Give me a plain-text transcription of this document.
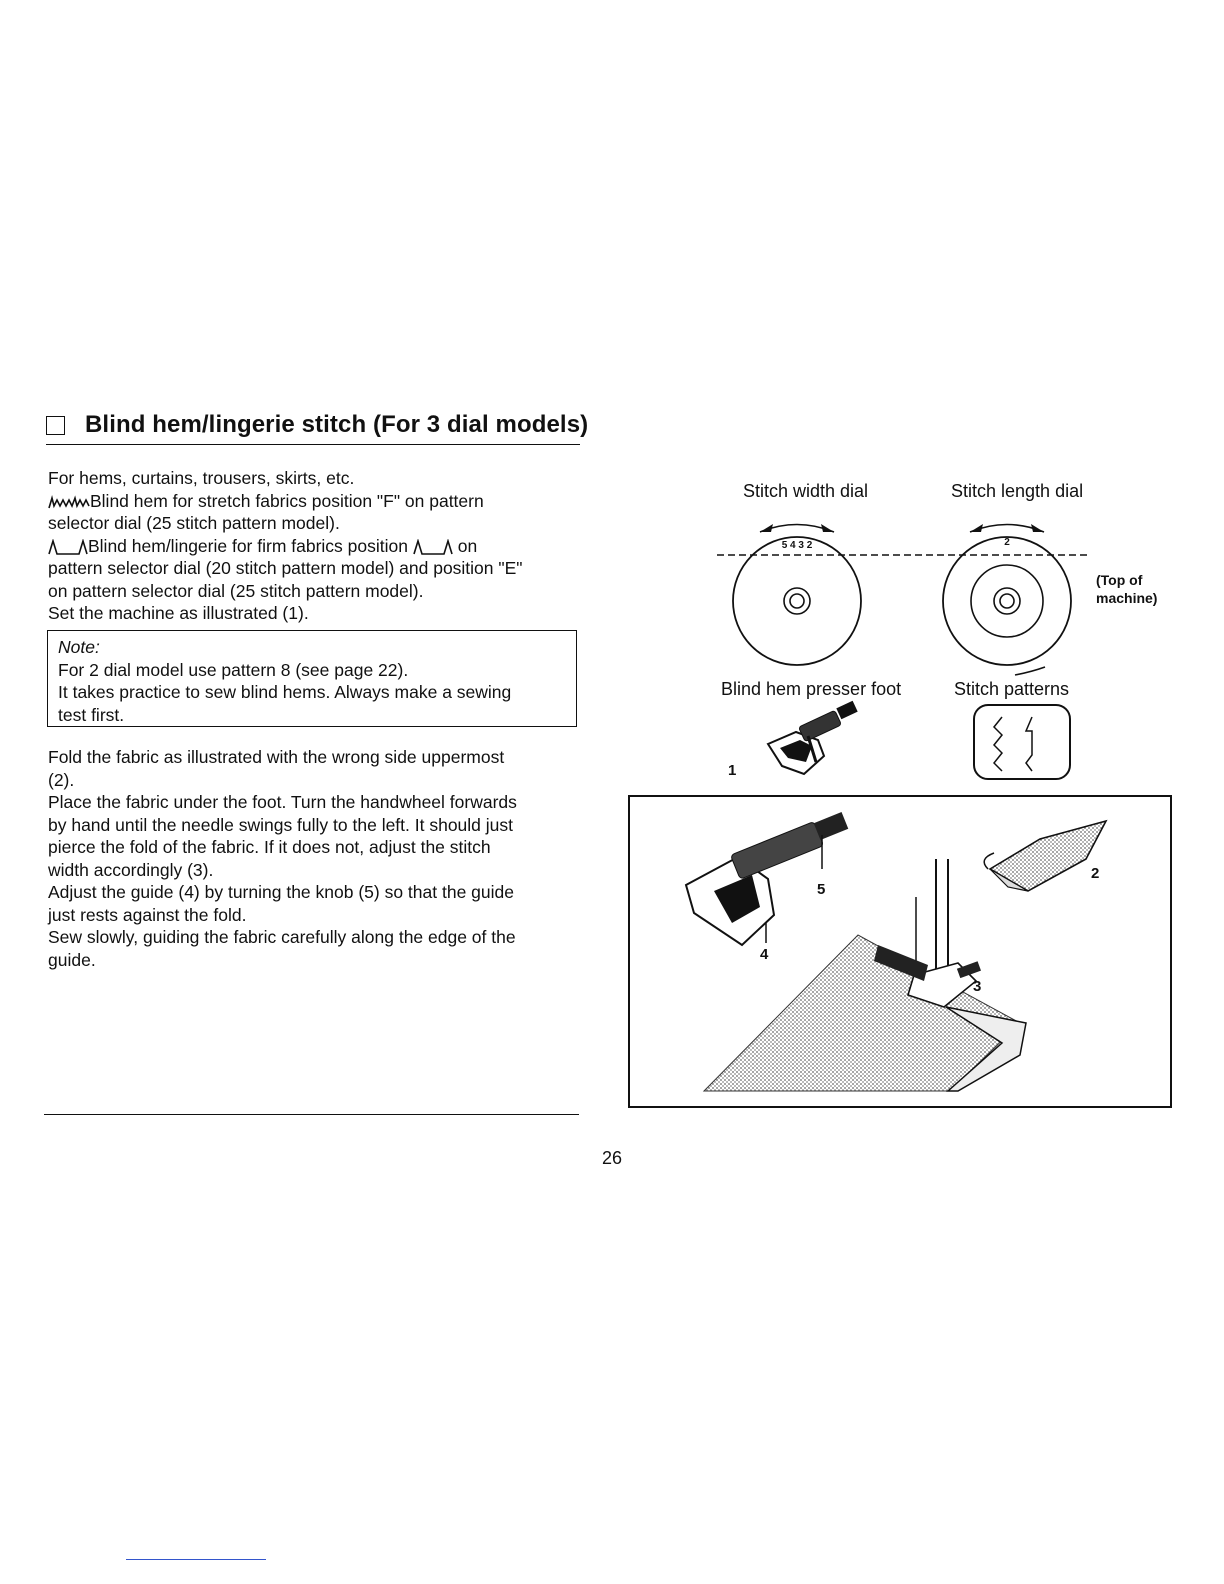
Blind hem/lingerie stitch (For 3 dial models)
For hems, curtains, trousers, skirts, etc.
Blind hem for stretch fabrics position "F" on pattern
selector dial (25 stitch pattern model).
Blind hem/lingerie for firm fabrics position	on
pattern selector dial (20 stitch pattern model) and position "E"
on pattern selector dial (25 stitch pattern model).
Set the machine as illustrated (1).
Note:
For 2 dial model use pattern 8 (see page 22).
It takes practice to sew blind hems. Always make a sewing
test first.
Fold the fabric as illustrated with the wrong side uppermost
(2).
Place the fabric under the foot. Turn the handwheel forwards
by hand until the needle swings fully to the left. It should just
pierce the fold of the fabric. If it does not, adjust the stitch
width accordingly (3).
Adjust the guide (4) by turning the knob (5) so that the guide
just rests against the fold.
Sew slowly, guiding the fabric carefully along the edge of the
guide.
26
Stitch width dial	Stitch length dial
(Top of
machine)
5 4 3 2	2
Blind hem presser foot	Stitch patterns
1
2
3
4
5
